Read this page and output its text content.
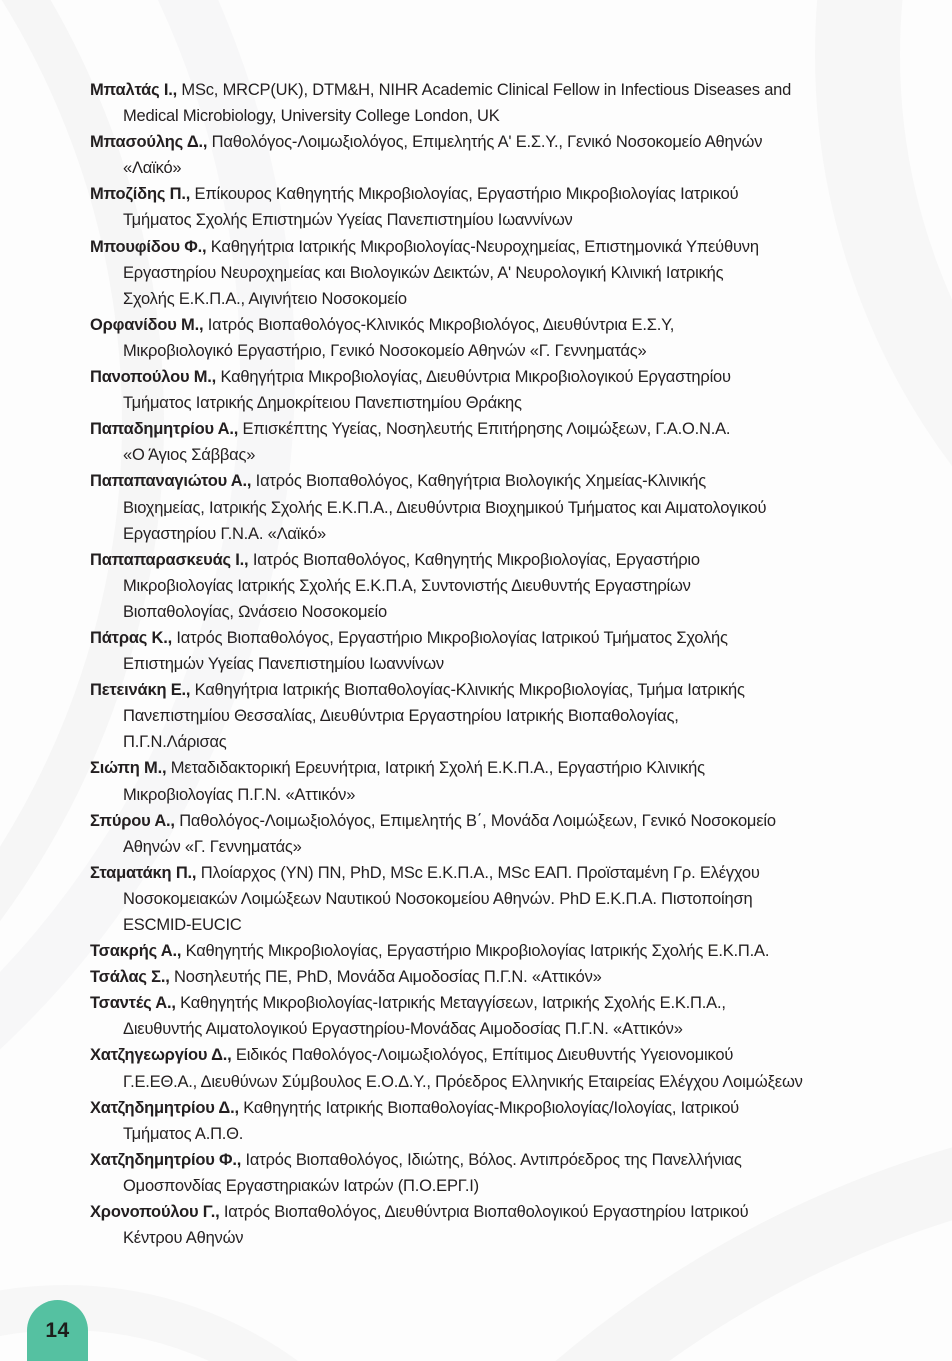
Μπαλτάς Ι., MSc, MRCP(UK), DTM&H, NIHR Academic Clinical Fellow in Infectious Diseases and
Medical Microbiology, University College London, UK
Μπασούλης Δ., Παθολόγος-Λοιμωξιολόγος, Επιμελητής Α' Ε.Σ.Υ., Γενικό Νοσοκομείο Αθηνών
«Λαϊκό»
Μποζίδης Π., Επίκουρος Καθηγητής Μικροβιολογίας, Εργαστήριο Μικροβιολογίας Ιατρικού
Τμήματος Σχολής Επιστημών Υγείας Πανεπιστημίου Ιωαννίνων
Μπουφίδου Φ., Καθηγήτρια Ιατρικής Μικροβιολογίας-Νευροχημείας, Επιστημονικά Υπεύθυνη
Εργαστηρίου Νευροχημείας και Βιολογικών Δεικτών, Α' Νευρολογική Κλινική Ιατρικής
Σχολής Ε.Κ.Π.Α., Αιγινήτειο Νοσοκομείο
Ορφανίδου Μ., Ιατρός Βιοπαθολόγος-Κλινικός Μικροβιολόγος, Διευθύντρια Ε.Σ.Υ,
Μικροβιολογικό Εργαστήριο, Γενικό Νοσοκομείο Αθηνών «Γ. Γεννηματάς»
Πανοπούλου Μ., Καθηγήτρια Μικροβιολογίας, Διευθύντρια Μικροβιολογικού Εργαστηρίου
Τμήματος Ιατρικής Δημοκρίτειου Πανεπιστημίου Θράκης
Παπαδημητρίου Α., Επισκέπτης Υγείας, Νοσηλευτής Επιτήρησης Λοιμώξεων, Γ.Α.Ο.Ν.Α.
«Ο Άγιος Σάββας»
Παπαπαναγιώτου Α., Ιατρός Βιοπαθολόγος, Καθηγήτρια Βιολογικής Χημείας-Κλινικής
Βιοχημείας, Ιατρικής Σχολής Ε.Κ.Π.Α., Διευθύντρια Βιοχημικού Τμήματος και Αιματολογικού
Εργαστηρίου Γ.Ν.Α. «Λαϊκό»
Παπαπαρασκευάς Ι., Ιατρός Βιοπαθολόγος, Καθηγητής Μικροβιολογίας, Εργαστήριο
Μικροβιολογίας Ιατρικής Σχολής Ε.Κ.Π.Α, Συντονιστής Διευθυντής Εργαστηρίων
Βιοπαθολογίας, Ωνάσειο Νοσοκομείο
Πάτρας Κ., Ιατρός Βιοπαθολόγος, Εργαστήριο Μικροβιολογίας Ιατρικού Τμήματος Σχολής
Επιστημών Υγείας Πανεπιστημίου Ιωαννίνων
Πετεινάκη Ε., Καθηγήτρια Ιατρικής Βιοπαθολογίας-Κλινικής Μικροβιολογίας, Τμήμα Ιατρικής
Πανεπιστημίου Θεσσαλίας, Διευθύντρια Εργαστηρίου Ιατρικής Βιοπαθολογίας,
Π.Γ.Ν.Λάρισας
Σιώπη Μ., Μεταδιδακτορική Ερευνήτρια, Ιατρική Σχολή Ε.Κ.Π.Α., Εργαστήριο Κλινικής
Μικροβιολογίας Π.Γ.Ν. «Αττικόν»
Σπύρου Α., Παθολόγος-Λοιμωξιολόγος, Επιμελητής Β΄, Μονάδα Λοιμώξεων, Γενικό Νοσοκομείο
Αθηνών «Γ. Γεννηματάς»
Σταματάκη Π., Πλοίαρχος (ΥΝ) ΠΝ, PhD, MSc Ε.Κ.Π.Α., MSc ΕΑΠ. Προϊσταμένη Γρ. Ελέγχου
Νοσοκομειακών Λοιμώξεων Ναυτικού Νοσοκομείου Αθηνών. PhD Ε.Κ.Π.Α. Πιστοποίηση
ESCMID-EUCIC
Τσακρής Α., Καθηγητής Μικροβιολογίας, Εργαστήριο Μικροβιολογίας Ιατρικής Σχολής Ε.Κ.Π.Α.
Τσάλας Σ., Νοσηλευτής ΠΕ, PhD, Μονάδα Αιμοδοσίας Π.Γ.Ν. «Αττικόν»
Τσαντές Α., Καθηγητής Μικροβιολογίας-Ιατρικής Μεταγγίσεων, Ιατρικής Σχολής Ε.Κ.Π.Α.,
Διευθυντής Αιματολογικού Εργαστηρίου-Μονάδας Αιμοδοσίας Π.Γ.Ν. «Αττικόν»
Χατζηγεωργίου Δ., Ειδικός Παθολόγος-Λοιμωξιολόγος, Επίτιμος Διευθυντής Υγειονομικού
Γ.Ε.ΕΘ.Α., Διευθύνων Σύμβουλος Ε.Ο.Δ.Υ., Πρόεδρος Ελληνικής Εταιρείας Ελέγχου Λοιμώξεων
Χατζηδημητρίου Δ., Καθηγητής Ιατρικής Βιοπαθολογίας-Μικροβιολογίας/Ιολογίας, Ιατρικού
Τμήματος Α.Π.Θ.
Χατζηδημητρίου Φ., Ιατρός Βιοπαθολόγος, Ιδιώτης, Βόλος. Αντιπρόεδρος της Πανελλήνιας
Ομοσπονδίας Εργαστηριακών Ιατρών (Π.Ο.ΕΡΓ.Ι)
Χρονοπούλου Γ., Ιατρός Βιοπαθολόγος, Διευθύντρια Βιοπαθολογικού Εργαστηρίου Ιατρικού
Κέντρου Αθηνών
14
